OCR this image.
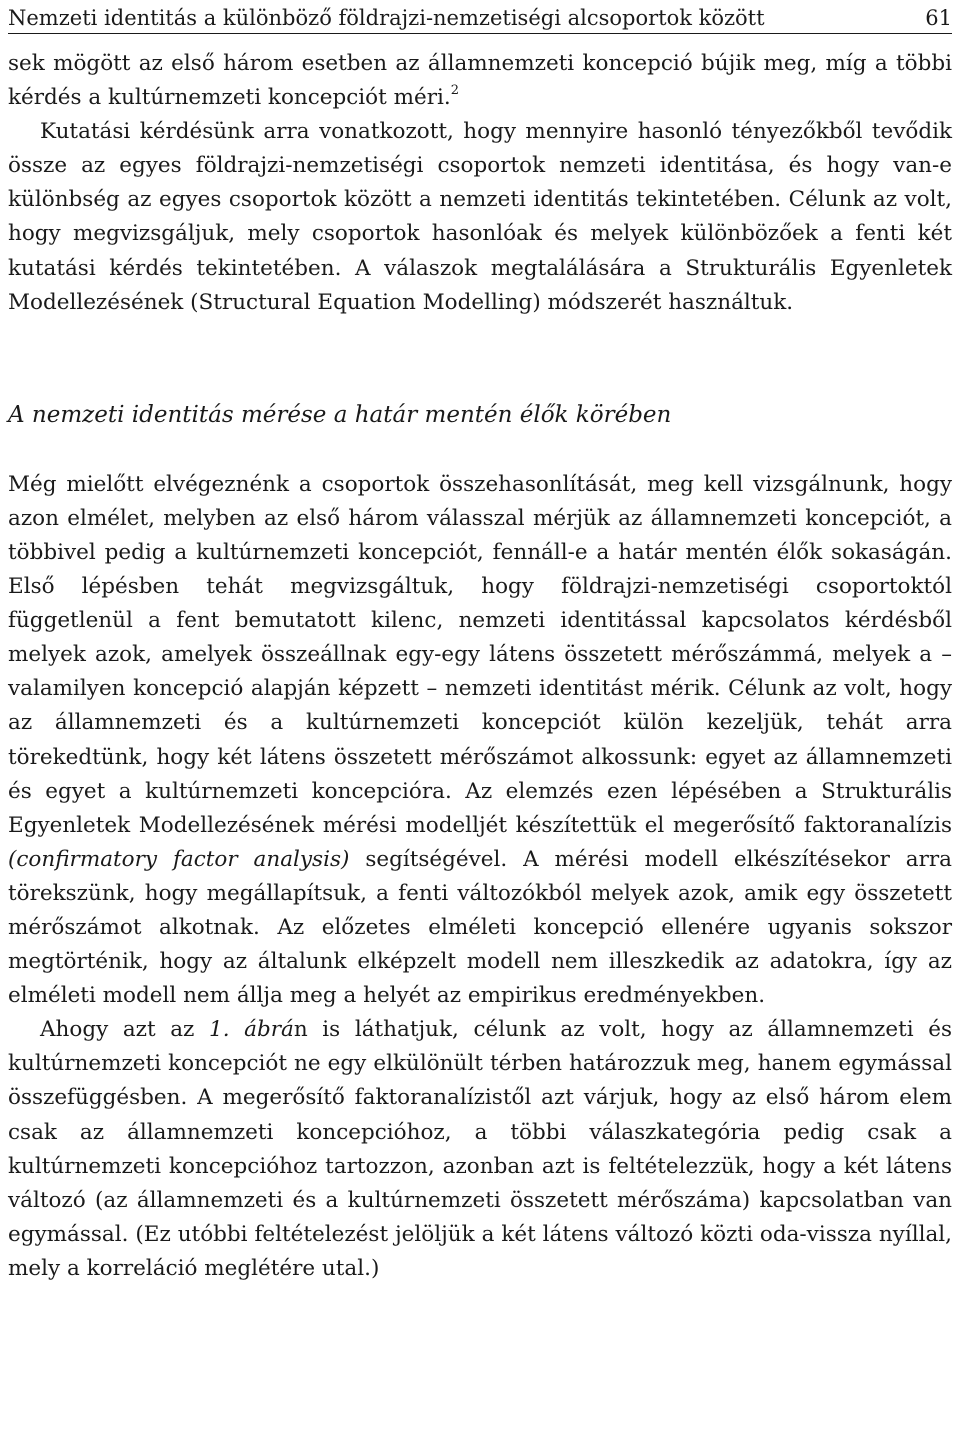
Nemzeti identitás a különböző földrajzi-nemzetiségi alcsoportok között	61

sek mögött az első három esetben az államnemzeti koncepció bújik meg, míg a többi kérdés a kultúrnemzeti koncepciót méri.$^2$

Kutatási kérdésünk arra vonatkozott, hogy mennyire hasonló tényezőkből tevődik össze az egyes földrajzi-nemzetiségi csoportok nemzeti identitása, és hogy van-e különbség az egyes csoportok között a nemzeti identitás tekintetében. Célunk az volt, hogy megvizsgáljuk, mely csoportok hasonlóak és melyek különbözőek a fenti két kutatási kérdés tekintetében. A válaszok megtalálására a Strukturális Egyenletek Modellezésének (Structural Equation Modelling) módszerét használtuk.

A nemzeti identitás mérése a határ mentén élők körében

Még mielőtt elvégeznénk a csoportok összehasonlítását, meg kell vizsgálnunk, hogy azon elmélet, melyben az első három válasszal mérjük az államnemzeti koncepciót, a többivel pedig a kultúrnemzeti koncepciót, fennáll-e a határ mentén élők sokaságán. Első lépésben tehát megvizsgáltuk, hogy földrajzi-nemzetiségi csoportoktól függetlenül a fent bemutatott kilenc, nemzeti identitással kapcsolatos kérdésből melyek azok, amelyek összeállnak egy-egy látens összetett mérőszámmá, melyek a – valamilyen koncepció alapján képzett – nemzeti identitást mérik. Célunk az volt, hogy az államnemzeti és a kultúrnemzeti koncepciót külön kezeljük, tehát arra törekedtünk, hogy két látens összetett mérőszámot alkossunk: egyet az államnemzeti és egyet a kultúrnemzeti koncepcióra. Az elemzés ezen lépésében a Strukturális Egyenletek Modellezésének mérési modelljét készítettük el megerősítő faktoranalízis (confirmatory factor analysis) segítségével. A mérési modell elkészítésekor arra törekszünk, hogy megállapítsuk, a fenti változókból melyek azok, amik egy összetett mérőszámot alkotnak. Az előzetes elméleti koncepció ellenére ugyanis sokszor megtörténik, hogy az általunk elképzelt modell nem illeszkedik az adatokra, így az elméleti modell nem állja meg a helyét az empirikus eredményekben.

Ahogy azt az 1. ábrán is láthatjuk, célunk az volt, hogy az államnemzeti és kultúrnemzeti koncepciót ne egy elkülönült térben határozzuk meg, hanem egymással összefüggésben. A megerősítő faktoranalízistől azt várjuk, hogy az első három elem csak az államnemzeti koncepcióhoz, a többi válaszkategória pedig csak a kultúrnemzeti koncepcióhoz tartozzon, azonban azt is feltételezzük, hogy a két látens változó (az államnemzeti és a kultúrnemzeti összetett mérőszáma) kapcsolatban van egymással. (Ez utóbbi feltételezést jelöljük a két látens változó közti oda-vissza nyíllal, mely a korreláció meglétére utal.)
